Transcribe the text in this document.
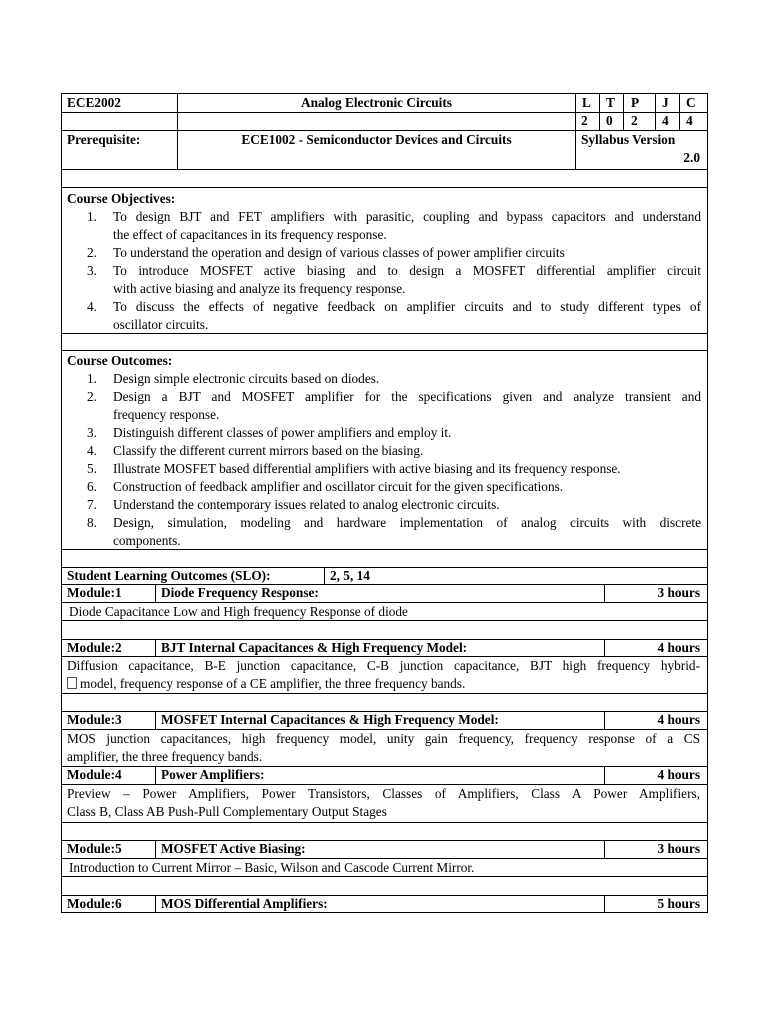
ECE2002	Analog Electronic Circuits	L T P J C
2 0 2 4 4
Prerequisite:	ECE1002 - Semiconductor Devices and Circuits	Syllabus Version
2.0
Course Objectives:
1. To design BJT and FET amplifiers with parasitic, coupling and bypass capacitors and understand
the effect of capacitances in its frequency response.
2. To understand the operation and design of various classes of power amplifier circuits
3. To introduce MOSFET active biasing and to design a MOSFET differential amplifier circuit
with active biasing and analyze its frequency response.
4. To discuss the effects of negative feedback on amplifier circuits and to study different types of
oscillator circuits.
Course Outcomes:
1. Design simple electronic circuits based on diodes.
2. Design a BJT and MOSFET amplifier for the specifications given and analyze transient and
frequency response.
3. Distinguish different classes of power amplifiers and employ it.
4. Classify the different current mirrors based on the biasing.
5. Illustrate MOSFET based differential amplifiers with active biasing and its frequency response.
6. Construction of feedback amplifier and oscillator circuit for the given specifications.
7. Understand the contemporary issues related to analog electronic circuits.
8. Design, simulation, modeling and hardware implementation of analog circuits with discrete
components.
Student Learning Outcomes (SLO):	2, 5, 14
Module:1	Diode Frequency Response:	3 hours
Diode Capacitance Low and High frequency Response of diode
Module:2	BJT Internal Capacitances & High Frequency Model:	4 hours
Diffusion capacitance, B-E junction capacitance, C-B junction capacitance, BJT high frequency hybrid-
model, frequency response of a CE amplifier, the three frequency bands.
Module:3	MOSFET Internal Capacitances & High Frequency Model:	4 hours
MOS junction capacitances, high frequency model, unity gain frequency, frequency response of a CS
amplifier, the three frequency bands.
Module:4	Power Amplifiers:	4 hours
Preview – Power Amplifiers, Power Transistors, Classes of Amplifiers, Class A Power Amplifiers,
Class B, Class AB Push-Pull Complementary Output Stages
Module:5	MOSFET Active Biasing:	3 hours
Introduction to Current Mirror – Basic, Wilson and Cascode Current Mirror.
Module:6	MOS Differential Amplifiers:	5 hours
